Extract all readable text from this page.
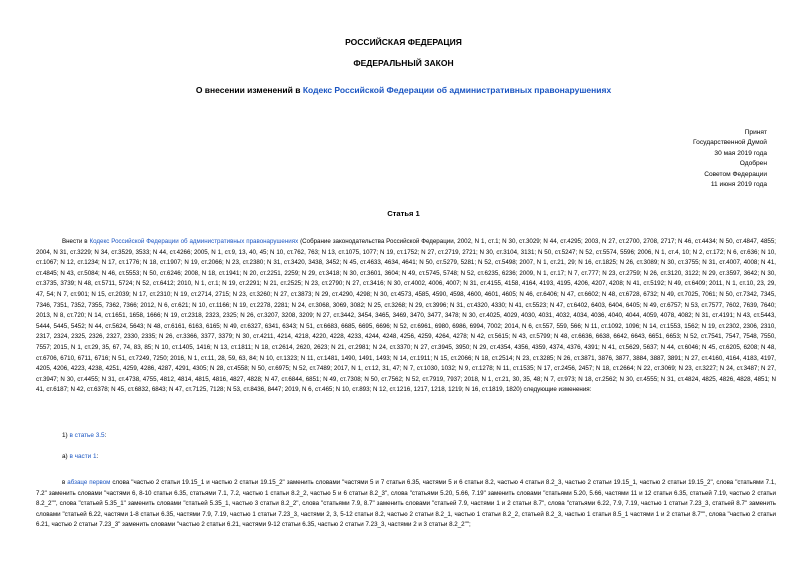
РОССИЙСКАЯ ФЕДЕРАЦИЯ
ФЕДЕРАЛЬНЫЙ ЗАКОН
О внесении изменений в Кодекс Российской Федерации об административных правонарушениях
Принят
Государственной Думой
30 мая 2019 года
Одобрен
Советом Федерации
11 июня 2019 года
Статья 1
Внести в Кодекс Российской Федерации об административных правонарушениях (Собрание законодательства Российской Федерации, 2002, N 1, ст.1; N 30, ст.3029; N 44, ст.4295; 2003, N 27, ст.2700, 2708, 2717; N 46, ст.4434; N 50, ст.4847, 4855; 2004, N 31, ст.3229; N 34, ст.3529, 3533; N 44, ст.4266; 2005, N 1, ст.9, 13, 40, 45; N 10, ст.762, 763; N 13, ст.1075, 1077; N 19, ст.1752; N 27, ст.2719, 2721; N 30, ст.3104, 3131; N 50, ст.5247; N 52, ст.5574, 5596; 2006, N 1, ст.4, 10; N 2, ст.172; N 6, ст.636; N 10, ст.1067; N 12, ст.1234; N 17, ст.1776; N 18, ст.1907; N 19, ст.2066; N 23, ст.2380; N 31, ст.3420, 3438, 3452; N 45, ст.4633, 4634, 4641; N 50, ст.5279, 5281; N 52, ст.5498; 2007, N 1, ст.21, 29; N 16, ст.1825; N 26, ст.3089; N 30, ст.3755; N 31, ст.4007, 4008; N 41, ст.4845; N 43, ст.5084; N 46, ст.5553; N 50, ст.6246; 2008, N 18, ст.1941; N 20, ст.2251, 2259; N 29, ст.3418; N 30, ст.3601, 3604; N 49, ст.5745, 5748; N 52, ст.6235, 6236; 2009, N 1, ст.17; N 7, ст.777; N 23, ст.2759; N 26, ст.3120, 3122; N 29, ст.3597, 3642; N 30, ст.3735, 3739; N 48, ст.5711, 5724; N 52, ст.6412; 2010, N 1, ст.1; N 19, ст.2291; N 21, ст.2525; N 23, ст.2790; N 27, ст.3416; N 30, ст.4002, 4006, 4007; N 31, ст.4155, 4158, 4164, 4193, 4195, 4206, 4207, 4208; N 41, ст.5192; N 49, ст.6409; 2011, N 1, ст.10, 23, 29, 47, 54; N 7, ст.901; N 15, ст.2039; N 17, ст.2310; N 19, ст.2714, 2715; N 23, ст.3260; N 27, ст.3873; N 29, ст.4290, 4298; N 30, ст.4573, 4585, 4590, 4598, 4600, 4601, 4605; N 46, ст.6406; N 47, ст.6602; N 48, ст.6728, 6732; N 49, ст.7025, 7061; N 50, ст.7342, 7345, 7346, 7351, 7352, 7355, 7362, 7366; 2012, N 6, ст.621; N 10, ст.1166; N 19, ст.2278, 2281; N 24, ст.3068, 3069, 3082; N 25, ст.3268; N 29, ст.3996; N 31, ст.4320, 4330; N 41, ст.5523; N 47, ст.6402, 6403, 6404, 6405; N 49, ст.6757; N 53, ст.7577, 7602, 7639, 7640; 2013, N 8, ст.720; N 14, ст.1651, 1658, 1666; N 19, ст.2318, 2323, 2325; N 26, ст.3207, 3208, 3209; N 27, ст.3442, 3454, 3465, 3469, 3470, 3477, 3478; N 30, ст.4025, 4029, 4030, 4031, 4032, 4034, 4036, 4040, 4044, 4059, 4078, 4082; N 31, ст.4191; N 43, ст.5443, 5444, 5445, 5452; N 44, ст.5624, 5643; N 48, ст.6161, 6163, 6165; N 49, ст.6327, 6341, 6343; N 51, ст.6683, 6685, 6695, 6696; N 52, ст.6961, 6980, 6986, 6994, 7002; 2014, N 6, ст.557, 559, 566; N 11, ст.1092, 1096; N 14, ст.1553, 1562; N 19, ст.2302, 2306, 2310, 2317, 2324, 2325, 2326, 2327, 2330, 2335; N 26, ст.3366, 3377, 3379; N 30, ст.4211, 4214, 4218, 4220, 4228, 4233, 4244, 4248, 4256, 4259, 4264, 4278; N 42, ст.5615; N 43, ст.5799; N 48, ст.6636, 6638, 6642, 6643, 6651, 6653; N 52, ст.7541, 7547, 7548, 7550, 7557; 2015, N 1, ст.29, 35, 67, 74, 83, 85; N 10, ст.1405, 1416; N 13, ст.1811; N 18, ст.2614, 2620, 2623; N 21, ст.2981; N 24, ст.3370; N 27, ст.3945, 3950; N 29, ст.4354, 4356, 4359, 4374, 4376, 4391; N 41, ст.5629, 5637; N 44, ст.6046; N 45, ст.6205, 6208; N 48, ст.6706, 6710, 6711, 6716; N 51, ст.7249, 7250; 2016, N 1, ст.11, 28, 59, 63, 84; N 10, ст.1323; N 11, ст.1481, 1490, 1491, 1493; N 14, ст.1911; N 15, ст.2066; N 18, ст.2514; N 23, ст.3285; N 26, ст.3871, 3876, 3877, 3884, 3887, 3891; N 27, ст.4160, 4164, 4183, 4197, 4205, 4206, 4223, 4238, 4251, 4259, 4286, 4287, 4291, 4305; N 28, ст.4558; N 50, ст.6975; N 52, ст.7489; 2017, N 1, ст.12, 31, 47; N 7, ст.1030, 1032; N 9, ст.1278; N 11, ст.1535; N 17, ст.2456, 2457; N 18, ст.2664; N 22, ст.3069; N 23, ст.3227; N 24, ст.3487; N 27, ст.3947; N 30, ст.4455; N 31, ст.4738, 4755, 4812, 4814, 4815, 4816, 4827, 4828; N 47, ст.6844, 6851; N 49, ст.7308; N 50, ст.7562; N 52, ст.7919, 7937; 2018, N 1, ст.21, 30, 35, 48; N 7, ст.973; N 18, ст.2562; N 30, ст.4555; N 31, ст.4824, 4825, 4826, 4828, 4851; N 41, ст.6187; N 42, ст.6378; N 45, ст.6832, 6843; N 47, ст.7125, 7128; N 53, ст.8436, 8447; 2019, N 6, ст.465; N 10, ст.893; N 12, ст.1216, 1217, 1218, 1219; N 16, ст.1819, 1820) следующие изменения:
1) в статье 3.5:
а) в части 1:
в абзаце первом слова "частью 2 статьи 19.15_1 и частью 2 статьи 19.15_2" заменить словами "частями 5 и 7 статьи 6.35, частями 5 и 6 статьи 8.2, частью 4 статьи 8.2_3, частью 2 статьи 19.15_1, частью 2 статьи 19.15_2", слова "статьями 7.1, 7.2" заменить словами "частями 6, 8-10 статьи 6.35, статьями 7.1, 7.2, частью 1 статьи 8.2_2, частью 5 и 6 статьи 8.2_3", слова "статьями 5.20, 5.66, 7.19" заменить словами "статьями 5.20, 5.66, частями 11 и 12 статьи 6.35, статьей 7.19, частью 2 статьи 8.2_2"", слова "статьей 5.35_1" заменить словами "статьей 5.35_1, частью 3 статьи 8.2_2", слова "статьями 7.9, 8.7" заменить словами "статьей 7.9, частями 1 и 2 статьи 8.7", слова "статьями 6.22, 7.9, 7.19, частью 1 статьи 7.23_3, статьей 8.7" заменить словами "статьей 6.22, частями 1-8 статьи 6.35, частями 7.9, 7.19, частью 1 статьи 7.23_3, частями 2, 3, 5-12 статьи 8.2, частью 2 статьи 8.2_1, частью 1 статьи 8.2_2, статьей 8.2_3, частью 1 статьи 8.5_1 частями 1 и 2 статьи 8.7"", слова "частью 2 статьи 6.21, частью 2 статьи 7.23_3" заменить словами "частью 2 статьи 6.21, частями 9-12 статьи 6.35, частью 2 статьи 7.23_3, частями 2 и 3 статьи 8.2_2"";
